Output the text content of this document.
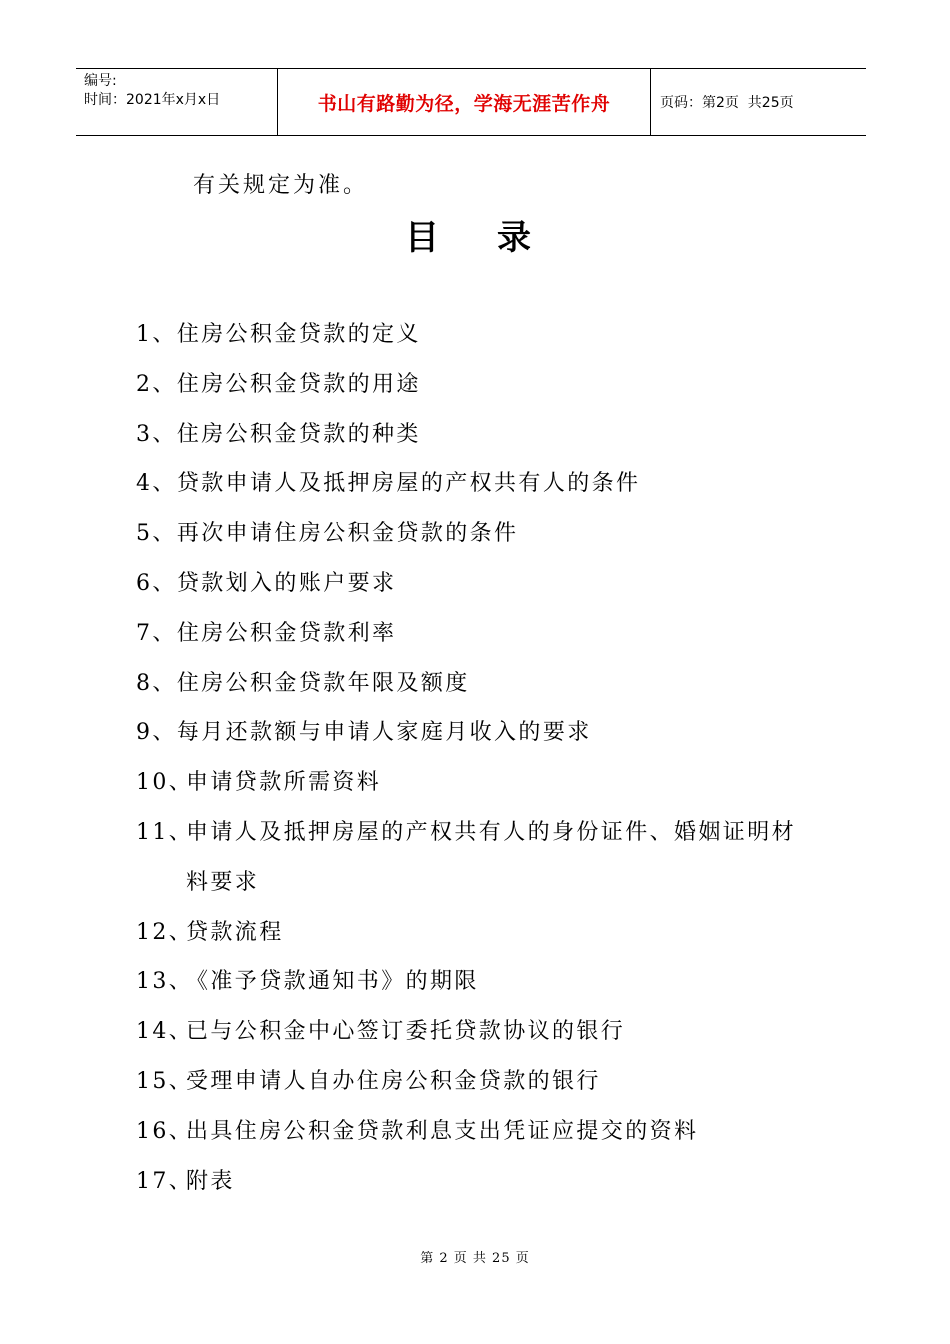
编号:
时间：2021年x月x日	书山有路勤为径，学海无涯苦作舟	页码：第2页  共25页
有关规定为准。
目录
1、 住房公积金贷款的定义
2、 住房公积金贷款的用途
3、 住房公积金贷款的种类
4、 贷款申请人及抵押房屋的产权共有人的条件
5、 再次申请住房公积金贷款的条件
6、 贷款划入的账户要求
7、 住房公积金贷款利率
8、 住房公积金贷款年限及额度
9、 每月还款额与申请人家庭月收入的要求
10、
申请贷款所需资料
11、
申请人及抵押房屋的产权共有人的身份证件、婚姻证明材料要求
12、
贷款流程
13、
《准予贷款通知书》的期限
14、
已与公积金中心签订委托贷款协议的银行
15、
受理申请人自办住房公积金贷款的银行
16、
出具住房公积金贷款利息支出凭证应提交的资料
17、
附表
第 2 页 共 25 页
